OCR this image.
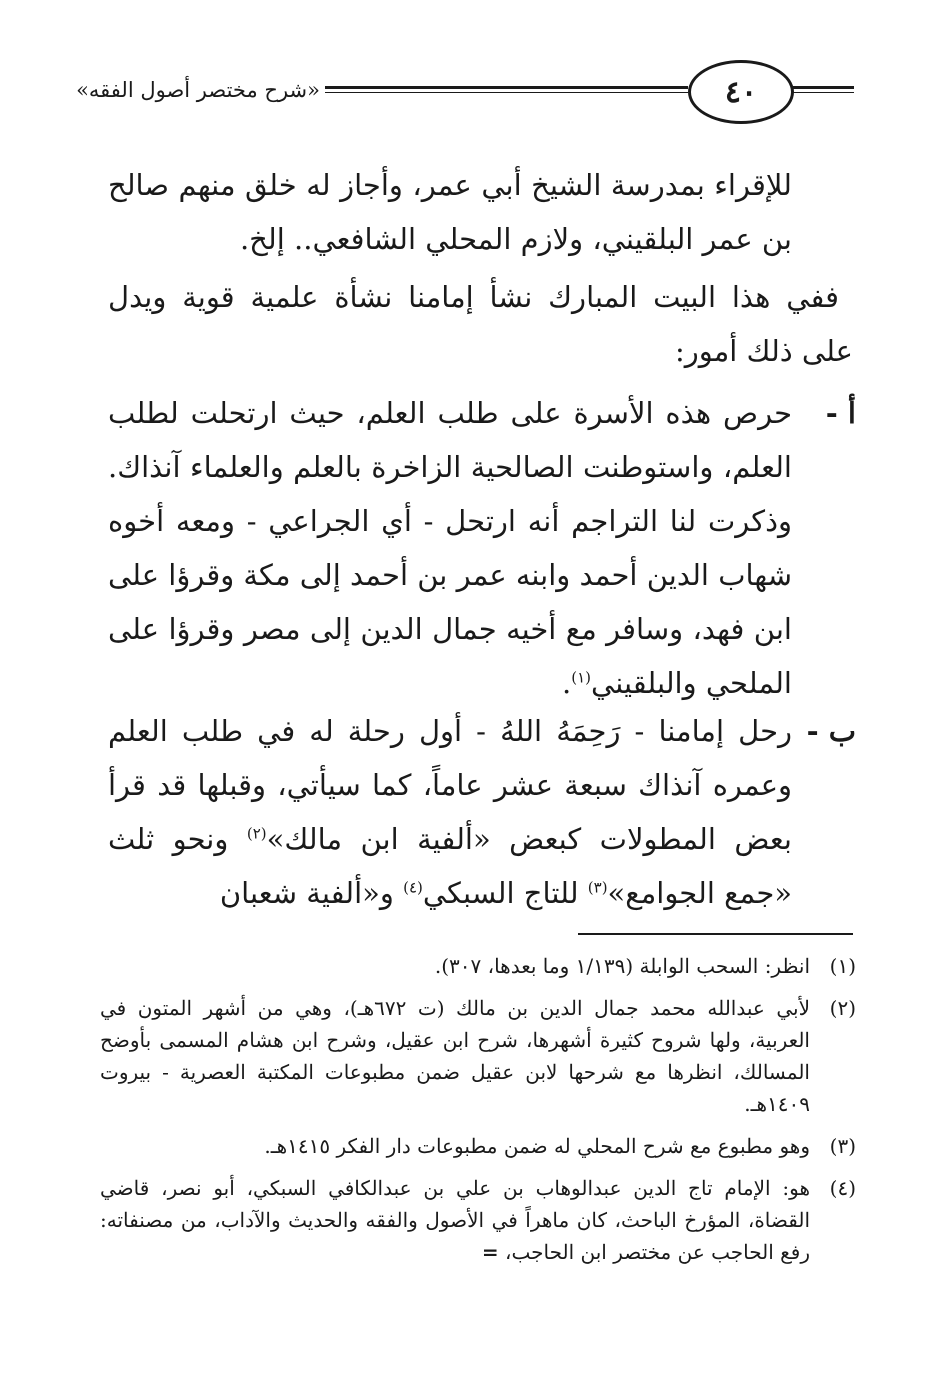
٤٠
«شرح مختصر أصول الفقه»
للإقراء بمدرسة الشيخ أبي عمر، وأجاز له خلق منهم صالح بن عمر البلقيني، ولازم المحلي الشافعي.. إلخ.
ففي هذا البيت المبارك نشأ إمامنا نشأة علمية قوية ويدل على ذلك أمور:
أ -
حرص هذه الأسرة على طلب العلم، حيث ارتحلت لطلب العلم، واستوطنت الصالحية الزاخرة بالعلم والعلماء آنذاك. وذكرت لنا التراجم أنه ارتحل - أي الجراعي - ومعه أخوه شهاب الدين أحمد وابنه عمر بن أحمد إلى مكة وقرؤا على ابن فهد، وسافر مع أخيه جمال الدين إلى مصر وقرؤا على الملحي والبلقيني$^{(١)}$.
ب -
رحل إمامنا - رَحِمَهُ اللهُ - أول رحلة له في طلب العلم وعمره آنذاك سبعة عشر عاماً، كما سيأتي، وقبلها قد قرأ بعض المطولات كبعض «ألفية ابن مالك»$^{(٢)}$ ونحو ثلث «جمع الجوامع»$^{(٣)}$ للتاج السبكي$^{(٤)}$ و«ألفية شعبان
(١)
انظر: السحب الوابلة (١/١٣٩ وما بعدها، ٣٠٧).
(٢)
لأبي عبدالله محمد جمال الدين بن مالك (ت ٦٧٢هـ)، وهي من أشهر المتون في العربية، ولها شروح كثيرة أشهرها، شرح ابن عقيل، وشرح ابن هشام المسمى بأوضح المسالك، انظرها مع شرحها لابن عقيل ضمن مطبوعات المكتبة العصرية - بيروت ١٤٠٩هـ.
(٣)
وهو مطبوع مع شرح المحلي له ضمن مطبوعات دار الفكر ١٤١٥هـ.
(٤)
هو: الإمام تاج الدين عبدالوهاب بن علي بن عبدالكافي السبكي، أبو نصر، قاضي القضاة، المؤرخ الباحث، كان ماهراً في الأصول والفقه والحديث والآداب، من مصنفاته: رفع الحاجب عن مختصر ابن الحاجب، =
